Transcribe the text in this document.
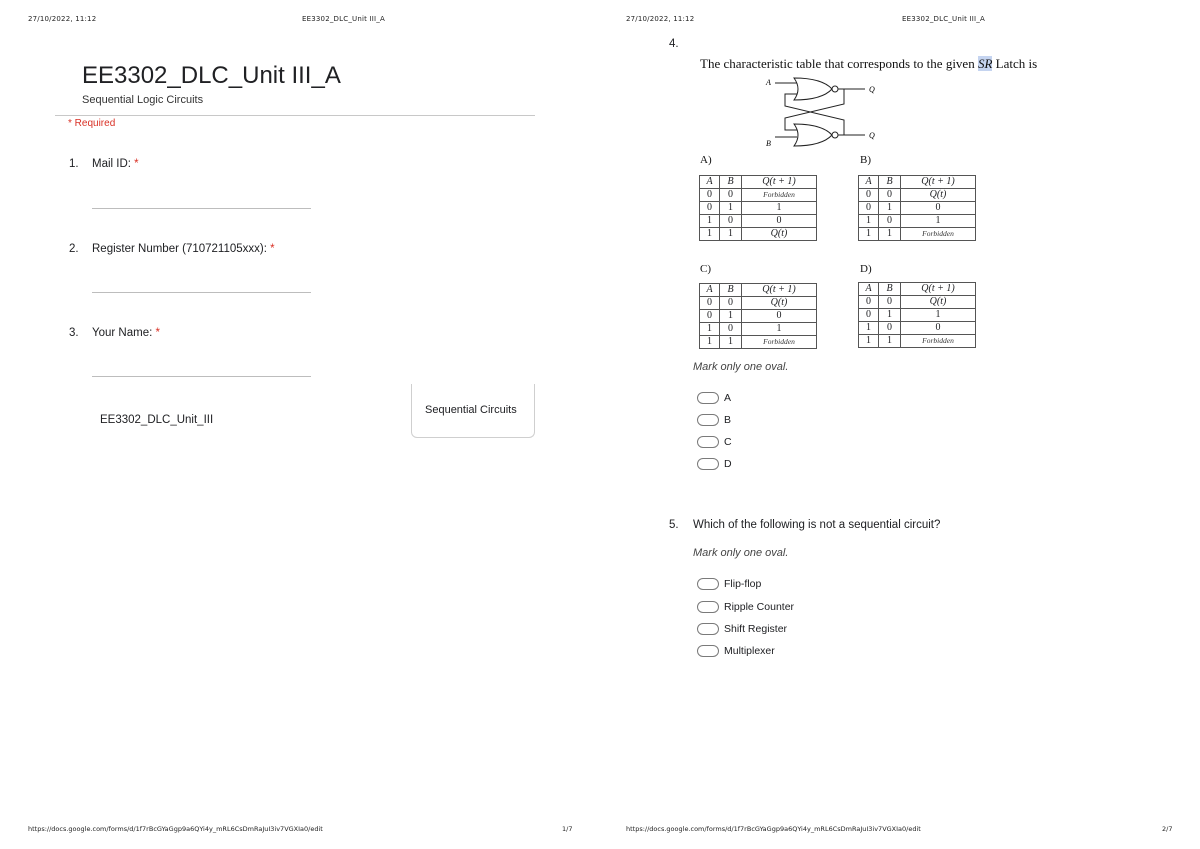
27/10/2022, 11:12	EE3302_DLC_Unit III_A
EE3302_DLC_Unit III_A
Sequential Logic Circuits
* Required
1. Mail ID: *
2. Register Number (710721105xxx): *
3. Your Name: *
Sequential Circuits
EE3302_DLC_Unit_III
https://docs.google.com/forms/d/1f7rBcGYaGgp9a6QYi4y_mRL6CsDmRaJuI3iv7VGXIa0/edit	1/7
27/10/2022, 11:12	EE3302_DLC_Unit III_A
https://docs.google.com/forms/d/1f7rBcGYaGgp9a6QYi4y_mRL6CsDmRaJuI3iv7VGXIa0/edit	2/7
4.
The characteristic table that corresponds to the given SR Latch is
A
B
Q
Q
A)
A	B	Q(t + 1)
0	0	Forbidden
0	1	1
1	0	0
1	1	Q(t)
B)
A	B	Q(t + 1)
0	0	Q(t)
0	1	0
1	0	1
1	1	Forbidden
C)
A	B	Q(t + 1)
0	0	Q(t)
0	1	0
1	0	1
1	1	Forbidden
D)
A	B	Q(t + 1)
0	0	Q(t)
0	1	1
1	0	0
1	1	Forbidden
Mark only one oval.
A
B
C
D
5. Which of the following is not a sequential circuit?
Mark only one oval.
Flip-flop
Ripple Counter
Shift Register
Multiplexer
